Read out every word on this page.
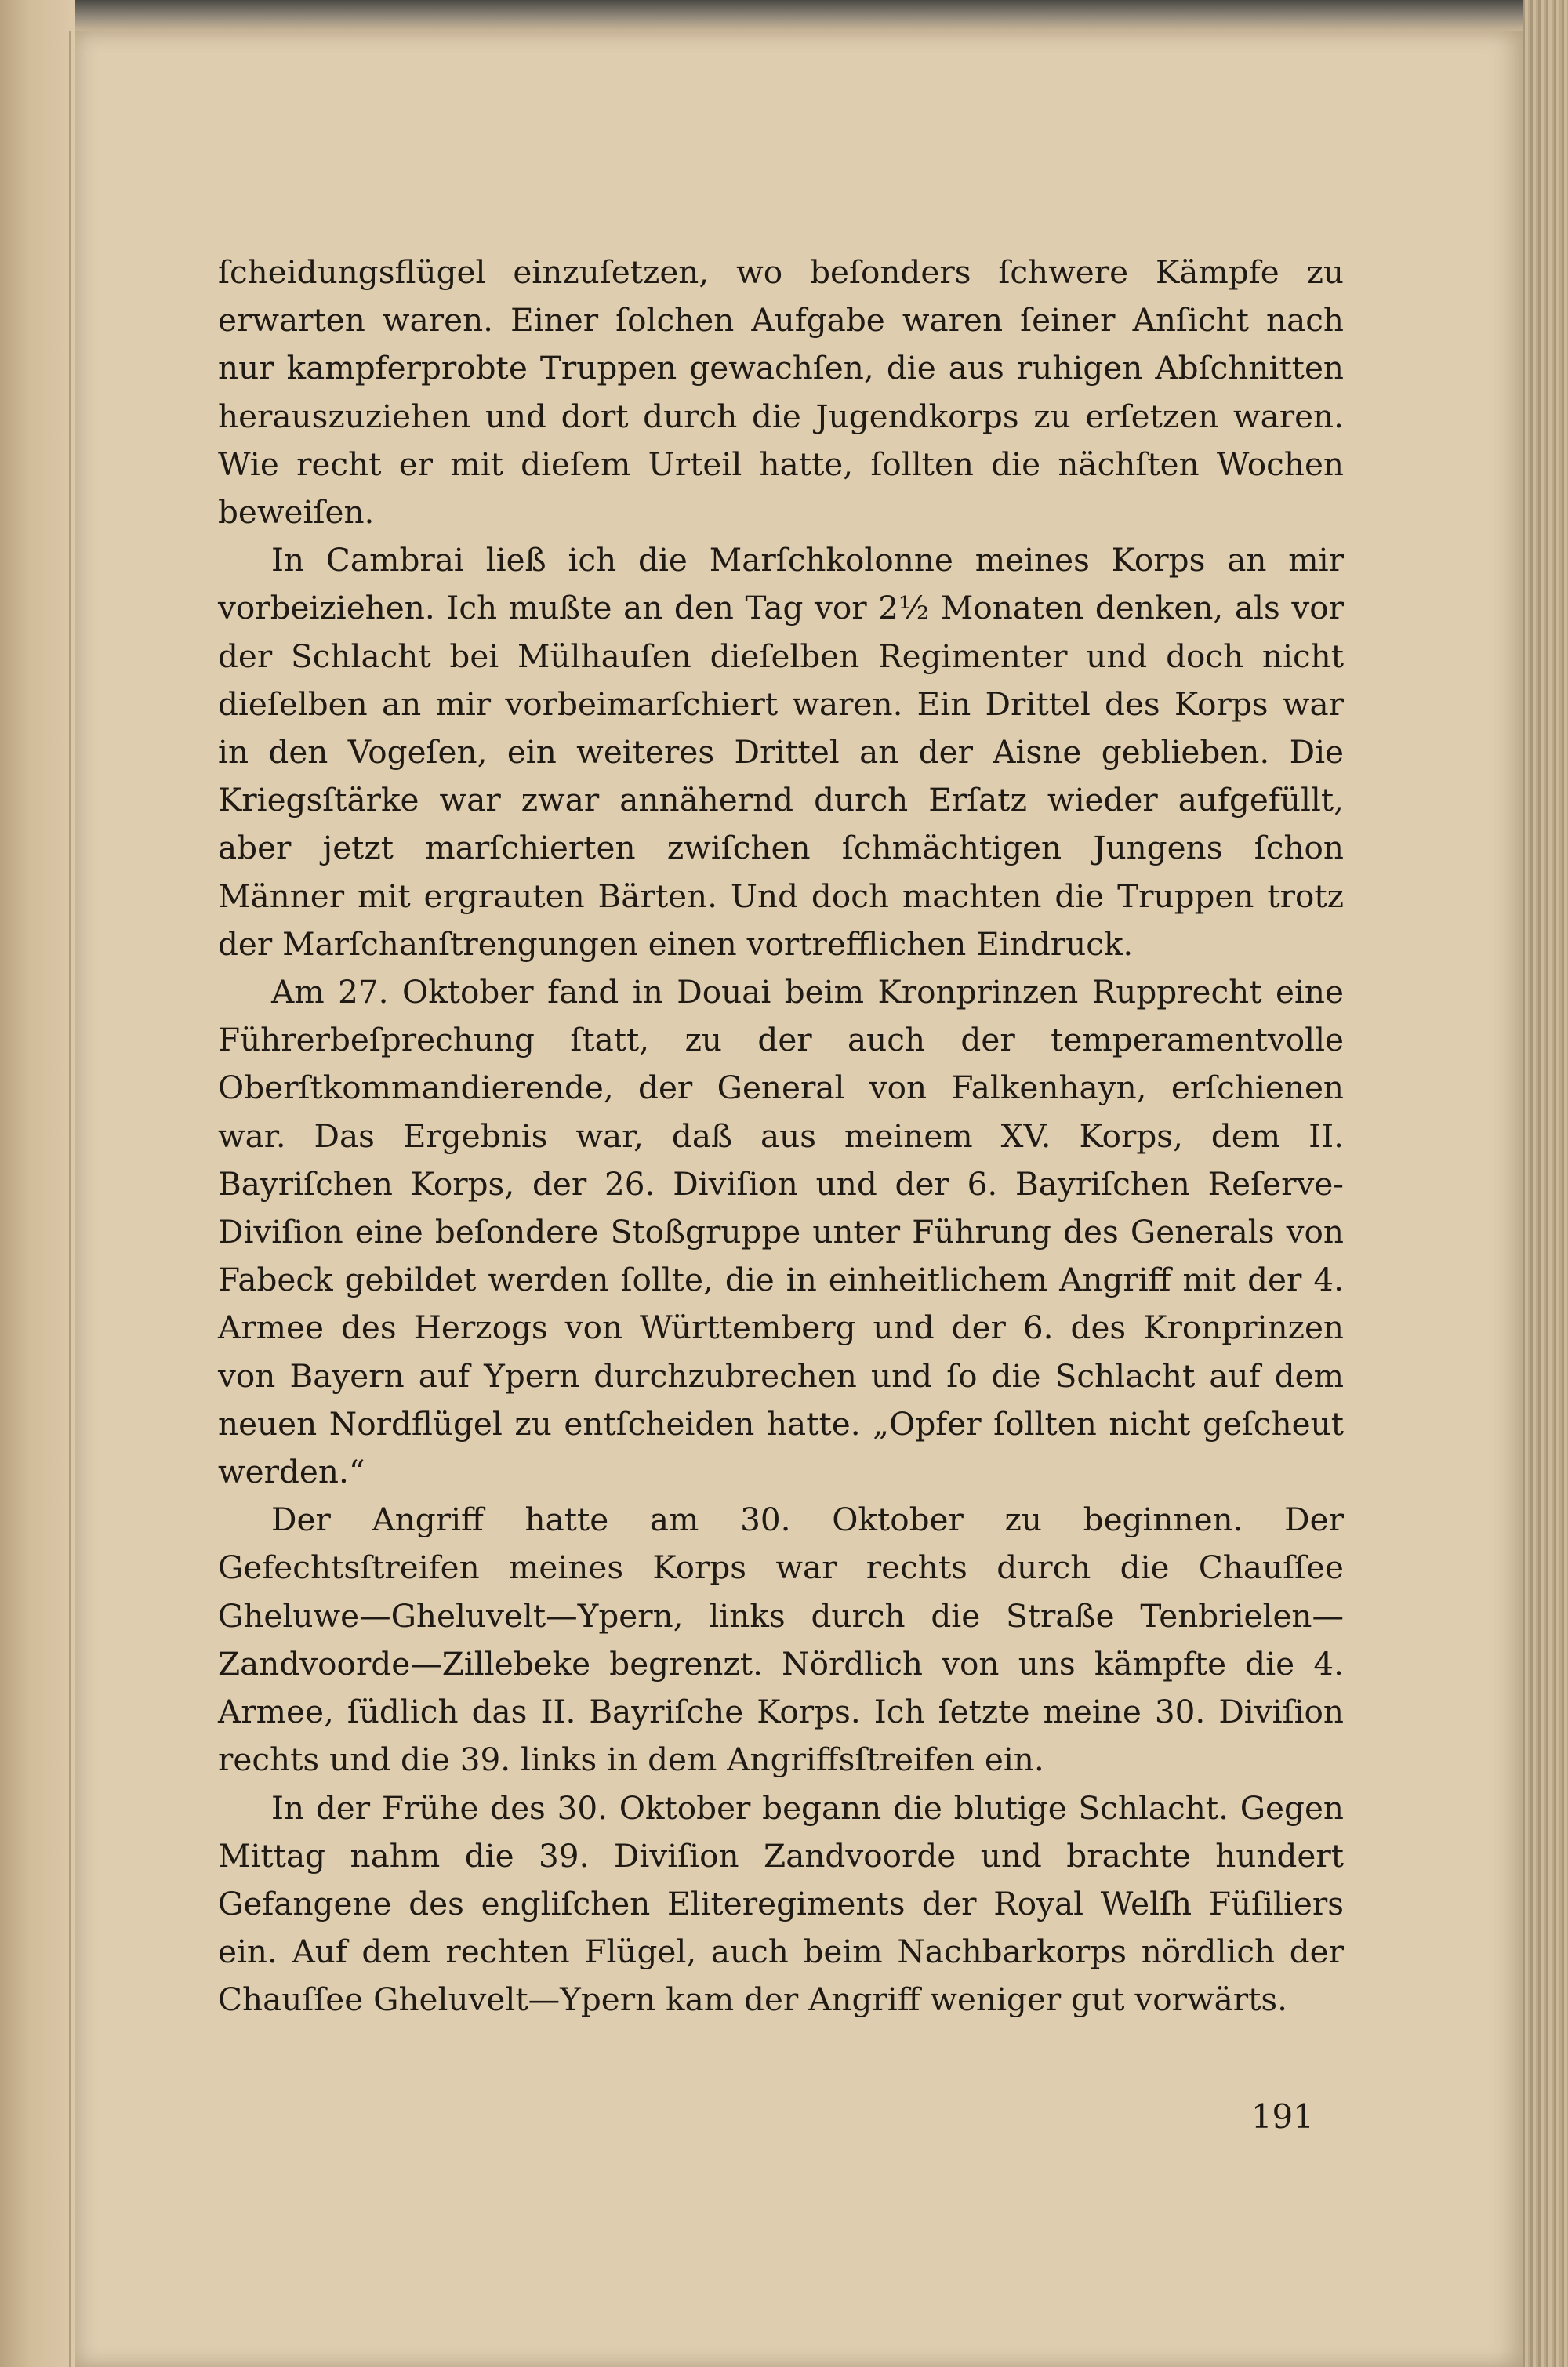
ſcheidungsflügel einzuſetzen, wo beſonders ſchwere Kämpfe zu erwarten waren. Einer ſolchen Aufgabe waren ſeiner Anſicht nach nur kampferprobte Truppen gewachſen, die aus ruhigen Abſchnitten herauszuziehen und dort durch die Jugendkorps zu erſetzen waren. Wie recht er mit dieſem Urteil hatte, ſollten die nächſten Wochen beweiſen.

In Cambrai ließ ich die Marſchkolonne meines Korps an mir vorbeiziehen. Ich mußte an den Tag vor 2½ Monaten denken, als vor der Schlacht bei Mülhauſen dieſelben Regimenter und doch nicht dieſelben an mir vorbeimarſchiert waren. Ein Drittel des Korps war in den Vogeſen, ein weiteres Drittel an der Aisne geblieben. Die Kriegsſtärke war zwar annähernd durch Erſatz wieder aufgefüllt, aber jetzt marſchierten zwiſchen ſchmächtigen Jungens ſchon Männer mit ergrauten Bärten. Und doch machten die Truppen trotz der Marſchanſtrengungen einen vortrefflichen Eindruck.

Am 27. Oktober fand in Douai beim Kronprinzen Rupprecht eine Führerbeſprechung ſtatt, zu der auch der temperamentvolle Oberſtkommandierende, der General von Falkenhayn, erſchienen war. Das Ergebnis war, daß aus meinem XV. Korps, dem II. Bayriſchen Korps, der 26. Diviſion und der 6. Bayriſchen Reſerve-Diviſion eine beſondere Stoßgruppe unter Führung des Generals von Fabeck gebildet werden ſollte, die in einheitlichem Angriff mit der 4. Armee des Herzogs von Württemberg und der 6. des Kronprinzen von Bayern auf Ypern durchzubrechen und ſo die Schlacht auf dem neuen Nordflügel zu entſcheiden hatte. „Opfer ſollten nicht geſcheut werden.“

Der Angriff hatte am 30. Oktober zu beginnen. Der Gefechtsſtreifen meines Korps war rechts durch die Chauſſee Gheluwe—Gheluvelt—Ypern, links durch die Straße Tenbrielen—Zandvoorde—Zillebeke begrenzt. Nördlich von uns kämpfte die 4. Armee, ſüdlich das II. Bayriſche Korps. Ich ſetzte meine 30. Diviſion rechts und die 39. links in dem Angriffsſtreifen ein.

In der Frühe des 30. Oktober begann die blutige Schlacht. Gegen Mittag nahm die 39. Diviſion Zandvoorde und brachte hundert Gefangene des engliſchen Eliteregiments der Royal Welſh Füſiliers ein. Auf dem rechten Flügel, auch beim Nachbarkorps nördlich der Chauſſee Gheluvelt—Ypern kam der Angriff weniger gut vorwärts.

191
